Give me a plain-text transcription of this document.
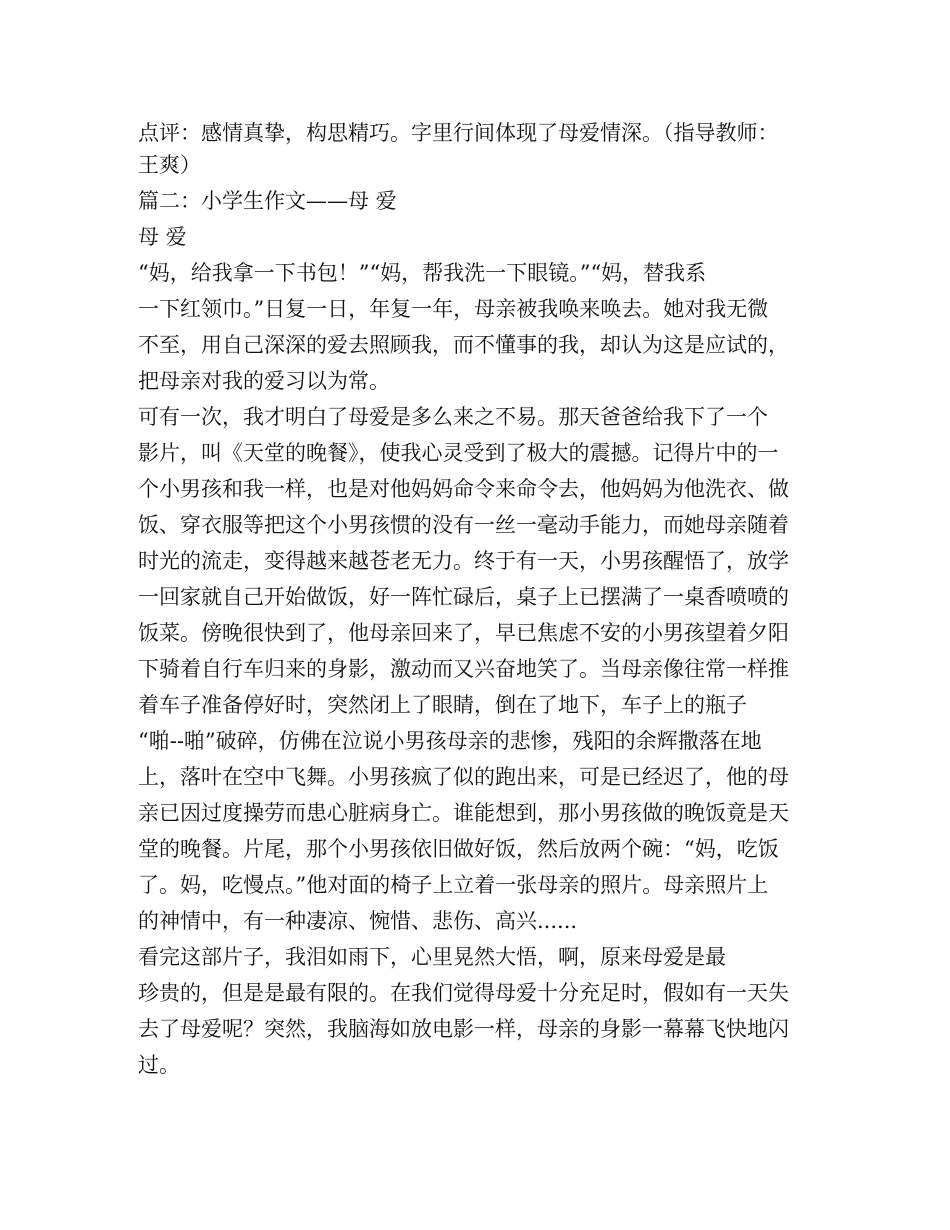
点评：感情真挚，构思精巧。字里行间体现了母爱情深。（指导教师：
王爽）
篇二：小学生作文——母 爱
母 爱
“妈，给我拿一下书包！”“妈，帮我洗一下眼镜。”“妈，替我系
一下红领巾。”日复一日，年复一年，母亲被我唤来唤去。她对我无微
不至，用自己深深的爱去照顾我，而不懂事的我，却认为这是应试的，
把母亲对我的爱习以为常。
可有一次，我才明白了母爱是多么来之不易。那天爸爸给我下了一个
影片，叫《天堂的晚餐》，使我心灵受到了极大的震撼。记得片中的一
个小男孩和我一样，也是对他妈妈命令来命令去，他妈妈为他洗衣、做
饭、穿衣服等把这个小男孩惯的没有一丝一毫动手能力，而她母亲随着
时光的流走，变得越来越苍老无力。终于有一天，小男孩醒悟了，放学
一回家就自己开始做饭，好一阵忙碌后，桌子上已摆满了一桌香喷喷的
饭菜。傍晚很快到了，他母亲回来了，早已焦虑不安的小男孩望着夕阳
下骑着自行车归来的身影，激动而又兴奋地笑了。当母亲像往常一样推
着车子准备停好时，突然闭上了眼睛，倒在了地下，车子上的瓶子
“啪--啪”破碎，仿佛在泣说小男孩母亲的悲惨，残阳的余辉撒落在地
上，落叶在空中飞舞。小男孩疯了似的跑出来，可是已经迟了，他的母
亲已因过度操劳而患心脏病身亡。谁能想到，那小男孩做的晚饭竟是天
堂的晚餐。片尾，那个小男孩依旧做好饭，然后放两个碗：“妈，吃饭
了。妈，吃慢点。”他对面的椅子上立着一张母亲的照片。母亲照片上
的神情中，有一种凄凉、惋惜、悲伤、高兴......
看完这部片子，我泪如雨下，心里晃然大悟，啊，原来母爱是最
珍贵的，但是是最有限的。在我们觉得母爱十分充足时，假如有一天失
去了母爱呢？突然，我脑海如放电影一样，母亲的身影一幕幕飞快地闪
过。
